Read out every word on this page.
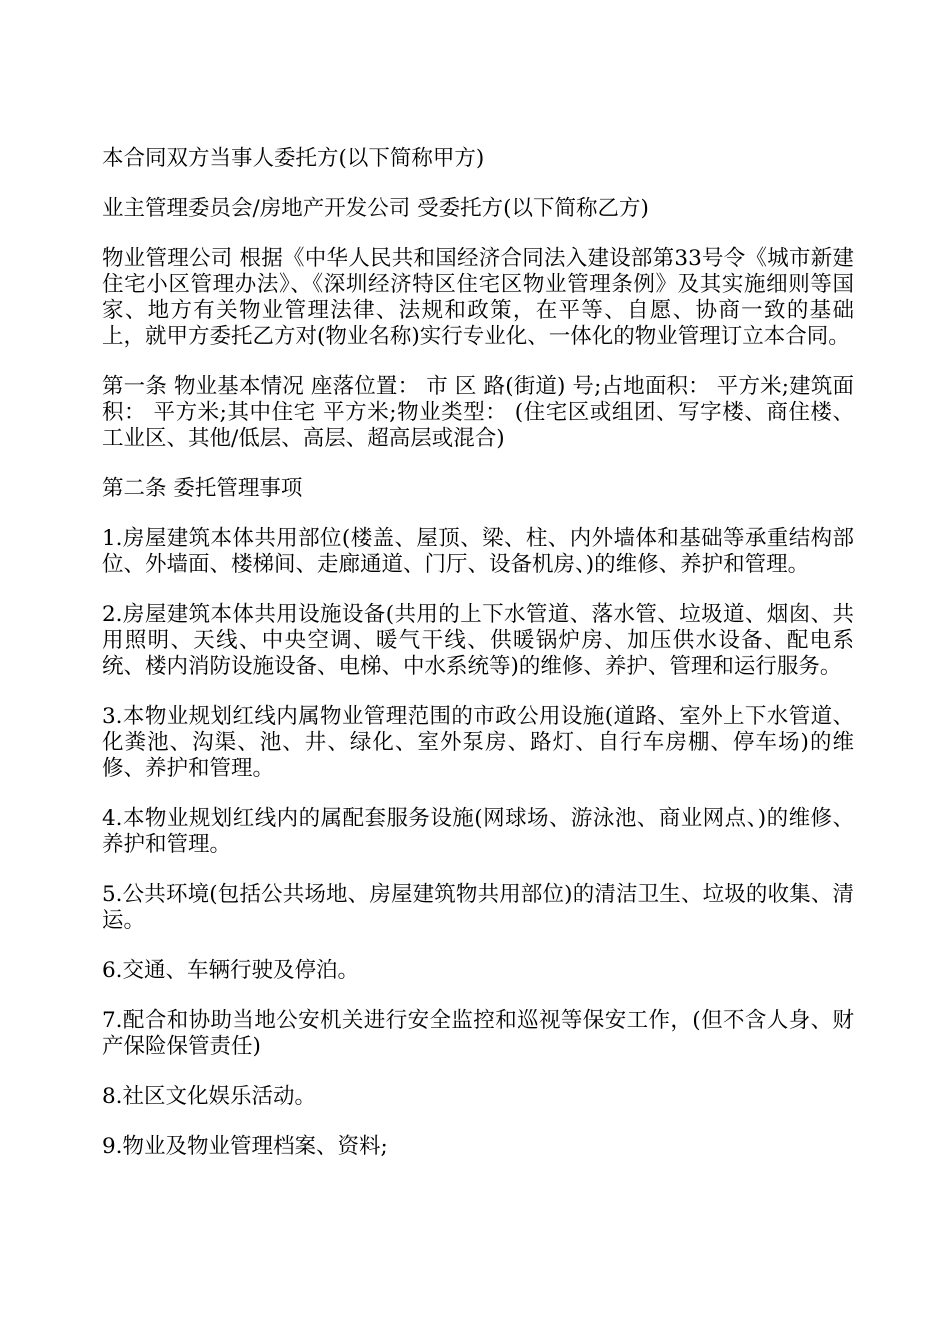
本合同双方当事人委托方(以下简称甲方)

业主管理委员会/房地产开发公司 受委托方(以下简称乙方)

物业管理公司 根据《中华人民共和国经济合同法入建设部第33号令《城市新建住宅小区管理办法》、《深圳经济特区住宅区物业管理条例》及其实施细则等国家、地方有关物业管理法律、法规和政策，在平等、自愿、协商一致的基础上，就甲方委托乙方对(物业名称)实行专业化、一体化的物业管理订立本合同。

第一条 物业基本情况 座落位置： 市 区 路(街道) 号;占地面积： 平方米;建筑面积： 平方米;其中住宅 平方米;物业类型： (住宅区或组团、写字楼、商住楼、工业区、其他/低层、高层、超高层或混合)

第二条 委托管理事项

1.房屋建筑本体共用部位(楼盖、屋顶、梁、柱、内外墙体和基础等承重结构部位、外墙面、楼梯间、走廊通道、门厅、设备机房、)的维修、养护和管理。

2.房屋建筑本体共用设施设备(共用的上下水管道、落水管、垃圾道、烟囱、共用照明、天线、中央空调、暖气干线、供暖锅炉房、加压供水设备、配电系统、楼内消防设施设备、电梯、中水系统等)的维修、养护、管理和运行服务。

3.本物业规划红线内属物业管理范围的市政公用设施(道路、室外上下水管道、化粪池、沟渠、池、井、绿化、室外泵房、路灯、自行车房棚、停车场)的维修、养护和管理。

4.本物业规划红线内的属配套服务设施(网球场、游泳池、商业网点、)的维修、养护和管理。

5.公共环境(包括公共场地、房屋建筑物共用部位)的清洁卫生、垃圾的收集、清运。

6.交通、车辆行驶及停泊。

7.配合和协助当地公安机关进行安全监控和巡视等保安工作，(但不含人身、财产保险保管责任)

8.社区文化娱乐活动。

9.物业及物业管理档案、资料;
